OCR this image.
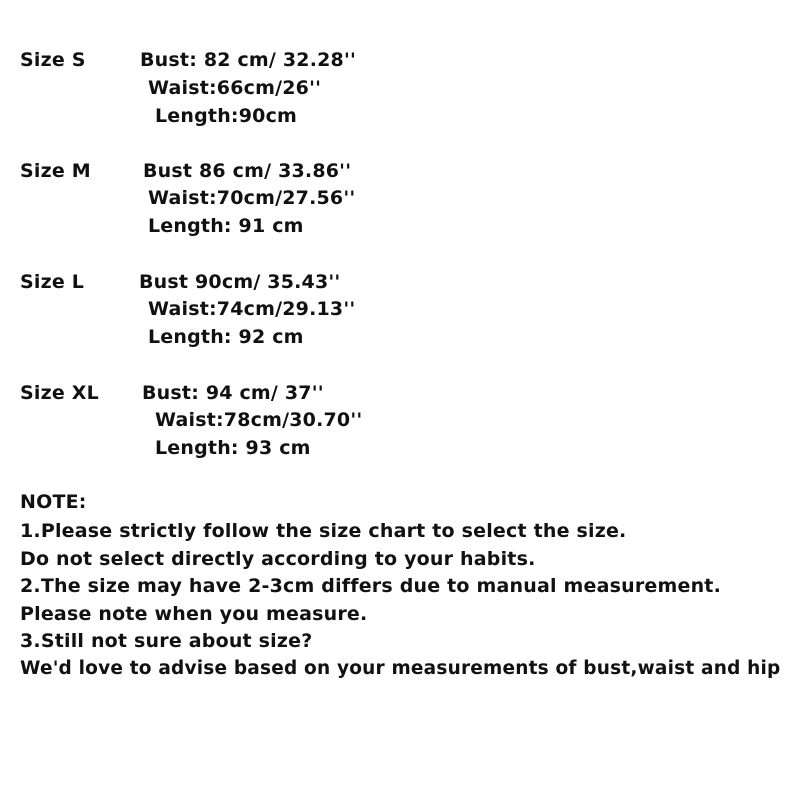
Size S	Bust: 82 cm/ 32.28''
Waist:66cm/26''
Length:90cm
Size M	Bust 86 cm/ 33.86''
Waist:70cm/27.56''
Length: 91 cm
Size L	Bust 90cm/ 35.43''
Waist:74cm/29.13''
Length: 92 cm
Size XL Bust: 94 cm/ 37''
Waist:78cm/30.70''
Length: 93 cm
NOTE:
1.Please strictly follow the size chart to select the size.
Do not select directly according to your habits.
2.The size may have 2-3cm differs due to manual measurement.
Please note when you measure.
3.Still not sure about size?
We'd love to advise based on your measurements of bust,waist and hip
